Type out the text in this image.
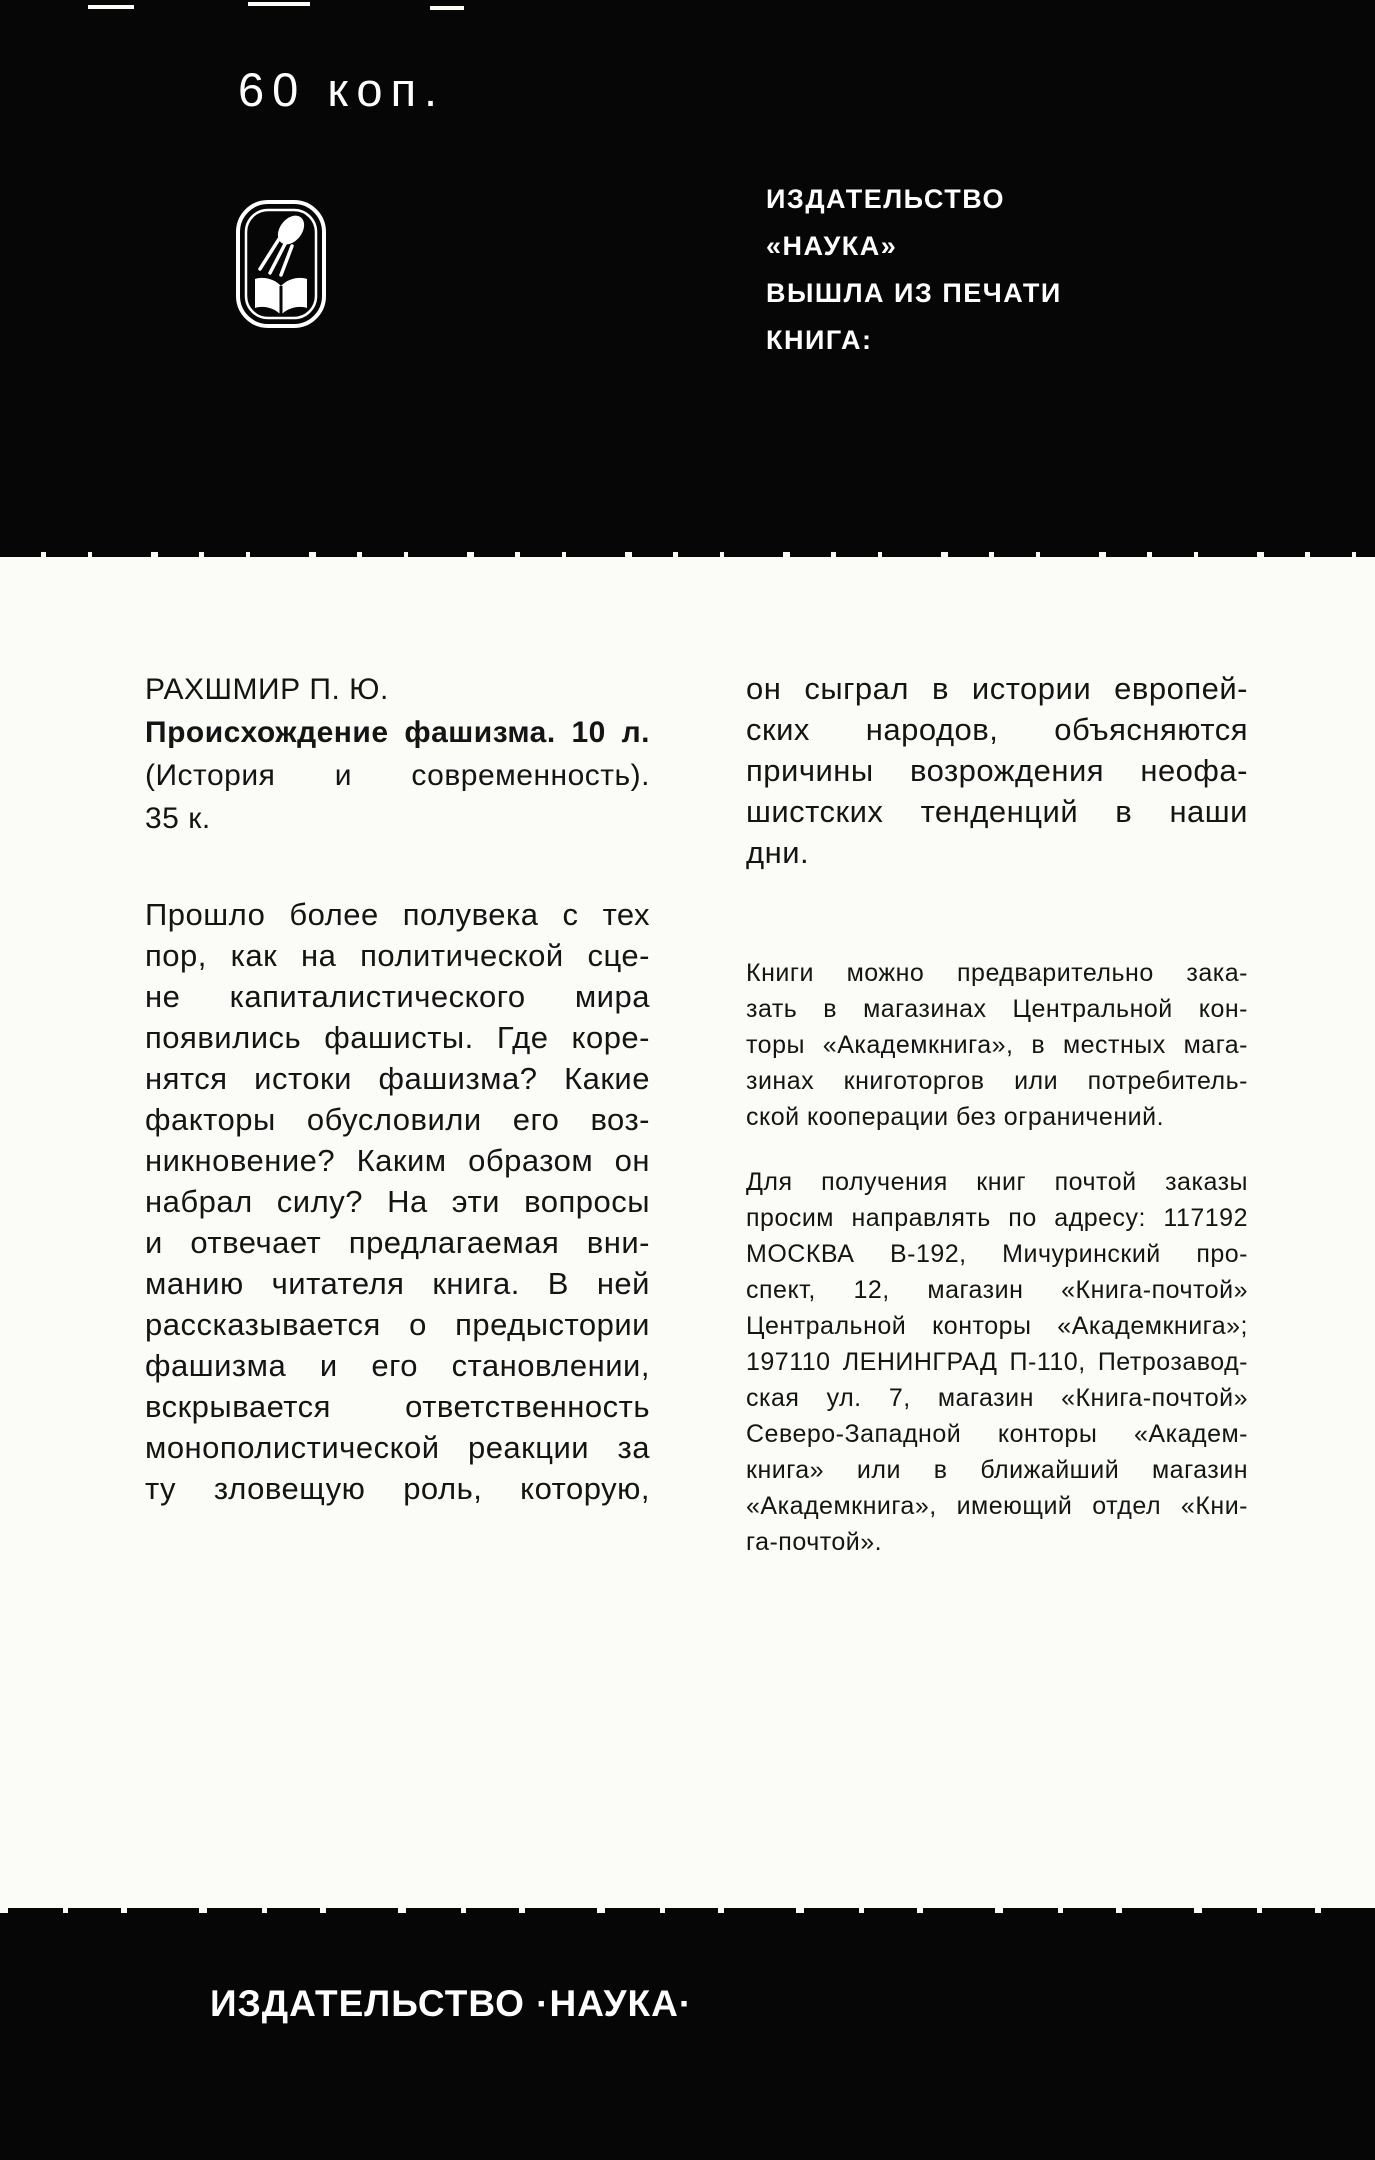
60 коп.
ИЗДАТЕЛЬСТВО
«НАУКА»
ВЫШЛА ИЗ ПЕЧАТИ
КНИГА:
РАХШМИР П. Ю.
Происхождение фашизма. 10 л.
(История и современность).
35 к.
Прошло более полувека с тех
пор, как на политической сце-
не капиталистического мира
появились фашисты. Где коре-
нятся истоки фашизма? Какие
факторы обусловили его воз-
никновение? Каким образом он
набрал силу? На эти вопросы
и отвечает предлагаемая вни-
манию читателя книга. В ней
рассказывается о предыстории
фашизма и его становлении,
вскрывается ответственность
монополистической реакции за
ту зловещую роль, которую,
он сыграл в истории европей-
ских народов, объясняются
причины возрождения неофа-
шистских тенденций в наши
дни.
Книги можно предварительно зака-
зать в магазинах Центральной кон-
торы «Академкнига», в местных мага-
зинах книготоргов или потребитель-
ской кооперации без ограничений.
Для получения книг почтой заказы
просим направлять по адресу: 117192
МОСКВА В-192, Мичуринский про-
спект, 12, магазин «Книга-почтой»
Центральной конторы «Академкнига»;
197110 ЛЕНИНГРАД П-110, Петрозавод-
ская ул. 7, магазин «Книга-почтой»
Северо-Западной конторы «Академ-
книга» или в ближайший магазин
«Академкнига», имеющий отдел «Кни-
га-почтой».
ИЗДАТЕЛЬСТВО ·НАУКА·
